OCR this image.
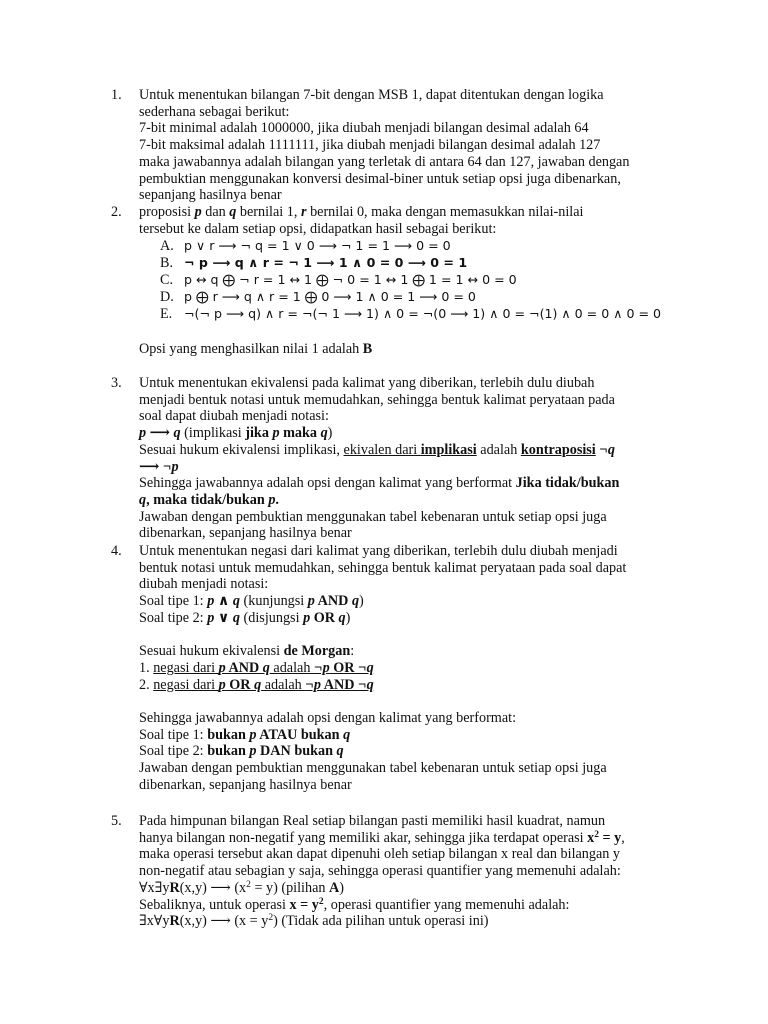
1.	Untuk menentukan bilangan 7-bit dengan MSB 1, dapat ditentukan dengan logika
sederhana sebagai berikut:
7-bit minimal adalah 1000000, jika diubah menjadi bilangan desimal adalah 64
7-bit maksimal adalah 1111111, jika diubah menjadi bilangan desimal adalah 127
maka jawabannya adalah bilangan yang terletak di antara 64 dan 127, jawaban dengan
pembuktian menggunakan konversi desimal-biner untuk setiap opsi juga dibenarkan,
sepanjang hasilnya benar
2.	proposisi p dan q bernilai 1, r bernilai 0, maka dengan memasukkan nilai-nilai
tersebut ke dalam setiap opsi, didapatkan hasil sebagai berikut:
A. p ∨ r ⟶ ¬ q = 1 ∨ 0 ⟶ ¬ 1 = 1 ⟶ 0 = 0
B. ¬ p ⟶ q ∧ r = ¬ 1 ⟶ 1 ∧ 0 = 0 ⟶ 0 = 1
C. p ↔ q ⨁ ¬ r = 1 ↔ 1 ⨁ ¬ 0 = 1 ↔ 1 ⨁ 1 = 1 ↔ 0 = 0
D. p ⨁ r ⟶ q ∧ r = 1 ⨁ 0 ⟶ 1 ∧ 0 = 1 ⟶ 0 = 0
E. ¬(¬ p ⟶ q) ∧ r = ¬(¬ 1 ⟶ 1) ∧ 0 = ¬(0 ⟶ 1) ∧ 0 = ¬(1) ∧ 0 = 0 ∧ 0 = 0
Opsi yang menghasilkan nilai 1 adalah B
3.	Untuk menentukan ekivalensi pada kalimat yang diberikan, terlebih dulu diubah
menjadi bentuk notasi untuk memudahkan, sehingga bentuk kalimat peryataan pada
soal dapat diubah menjadi notasi:
p ⟶ q (implikasi jika p maka q)
Sesuai hukum ekivalensi implikasi, ekivalen dari implikasi adalah kontraposisi ¬q
⟶ ¬p
Sehingga jawabannya adalah opsi dengan kalimat yang berformat Jika tidak/bukan
q, maka tidak/bukan p.
Jawaban dengan pembuktian menggunakan tabel kebenaran untuk setiap opsi juga
dibenarkan, sepanjang hasilnya benar
4.	Untuk menentukan negasi dari kalimat yang diberikan, terlebih dulu diubah menjadi
bentuk notasi untuk memudahkan, sehingga bentuk kalimat peryataan pada soal dapat
diubah menjadi notasi:
Soal tipe 1: p ∧ q (kunjungsi p AND q)
Soal tipe 2: p ∨ q (disjungsi p OR q)

Sesuai hukum ekivalensi de Morgan:
1. negasi dari p AND q adalah ¬p OR ¬q
2. negasi dari p OR q adalah ¬p AND ¬q

Sehingga jawabannya adalah opsi dengan kalimat yang berformat:
Soal tipe 1: bukan p ATAU bukan q
Soal tipe 2: bukan p DAN bukan q
Jawaban dengan pembuktian menggunakan tabel kebenaran untuk setiap opsi juga
dibenarkan, sepanjang hasilnya benar
5.	Pada himpunan bilangan Real setiap bilangan pasti memiliki hasil kuadrat, namun
hanya bilangan non-negatif yang memiliki akar, sehingga jika terdapat operasi $x^2 = y$,
maka operasi tersebut akan dapat dipenuhi oleh setiap bilangan x real dan bilangan y
non-negatif atau sebagian y saja, sehingga operasi quantifier yang memenuhi adalah:
∀x∃yR(x,y) ⟶ $(x^2 = y)$ (pilihan A)
Sebaliknya, untuk operasi $x = y^2$, operasi quantifier yang memenuhi adalah:
∃x∀yR(x,y) ⟶ $(x = y^2)$ (Tidak ada pilihan untuk operasi ini)
